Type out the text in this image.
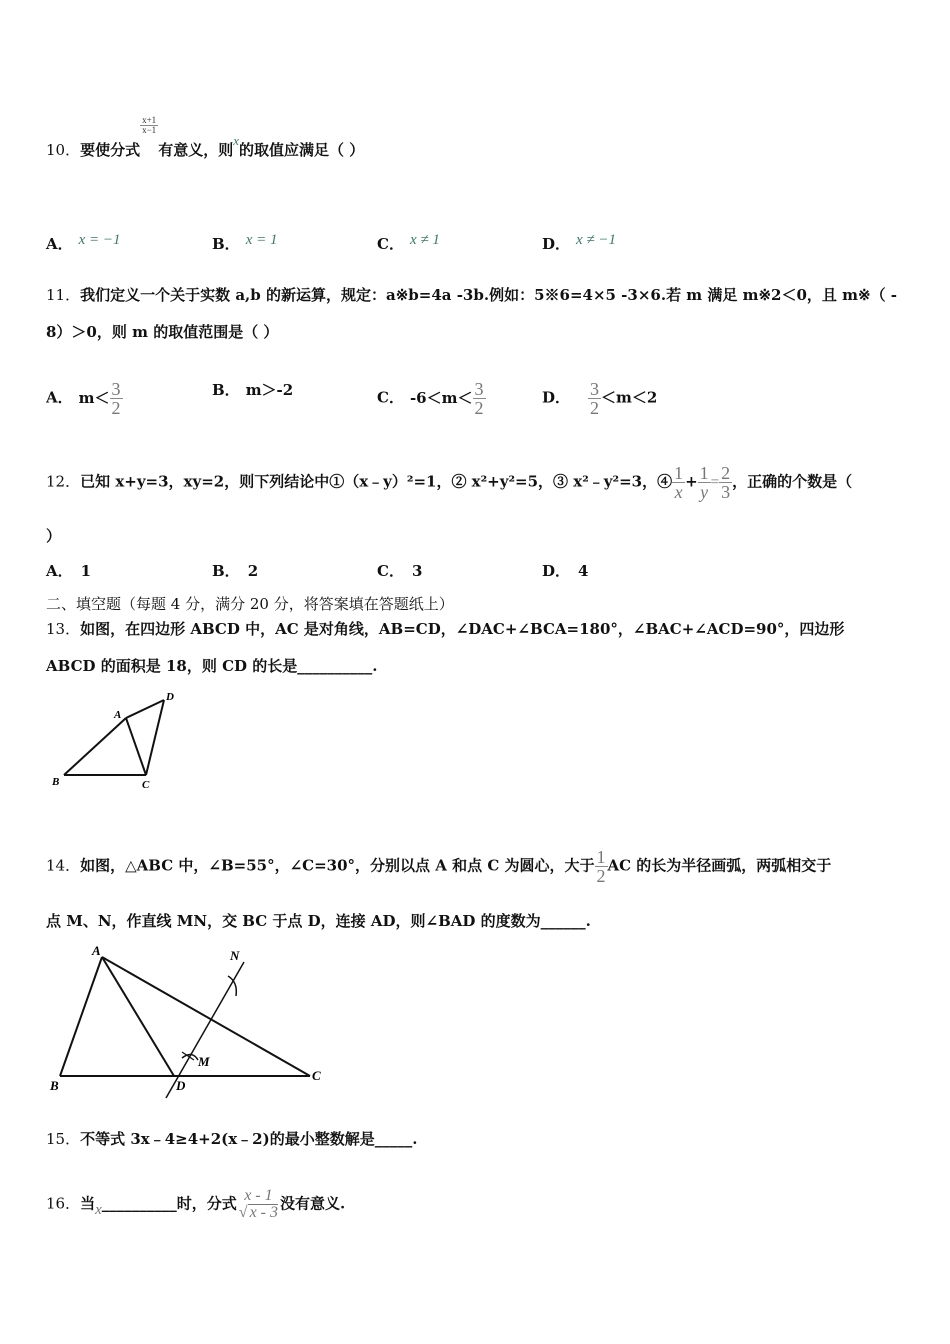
10．要使分式
$\frac{x+1}{x-1}$
有意义，则x的取值应满足（ ）
A． x = −1	B． x = 1	C． x ≠ 1	D． x ≠ −1
11．我们定义一个关于实数 a,b 的新运算，规定：a※b=4a -3b.例如：5※6=4×5 -3×6.若 m 满足 m※2＜0，且 m※（ -
8）＞0，则 m 的取值范围是（ ）
A． $m< \frac{3}{2}$	B． m＞-2	C． $-6<m< \frac{3}{2}$	D． $\frac{3}{2} <m<2$
12．已知 x+y=3，xy=2，则下列结论中①（x﹣y）²=1，② x²+y²=5，③ x²﹣y²=3，④ $\frac{1}{x} + \frac{1}{y} = \frac{2}{3}$ ，正确的个数是（
）
A． 1	B． 2	C． 3	D． 4
二、填空题（每题 4 分，满分 20 分，将答案填在答题纸上）
13．如图，在四边形 ABCD 中，AC 是对角线，AB=CD，∠DAC+∠BCA=180°，∠BAC+∠ACD=90°，四边形
ABCD 的面积是 18，则 CD 的长是__________.
A
B	C
D
14．如图，△ABC 中，∠B=55°，∠C=30°，分别以点 A 和点 C 为圆心，大于 $\frac{1}{2}$ AC 的长为半径画弧，两弧相交于
点 M、N，作直线 MN，交 BC 于点 D，连接 AD，则∠BAD 的度数为______.
A
B
C
D
M
N
15．不等式 3x﹣4≥4+2(x﹣2)的最小整数解是_____.
16．当x__________时，分式 x - 1
√ x - 3 没有意义.
